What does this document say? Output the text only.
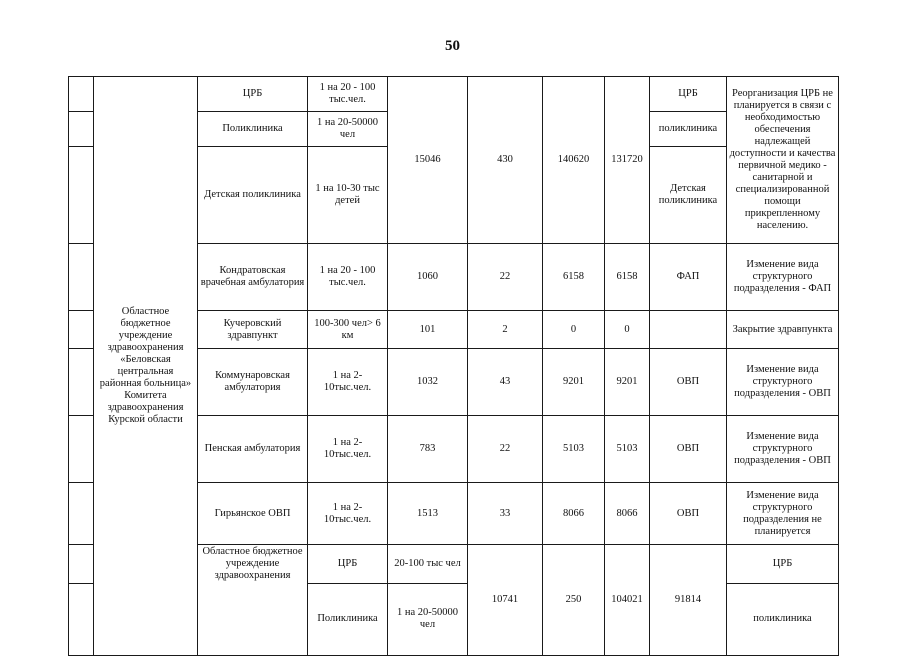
50
	Областное бюджетное учреждение здравоохранения «Беловская центральная районная больница» Комитета здравоохранения Курской области	ЦРБ	1 на 20 - 100 тыс.чел.	15046	430	140620	131720	ЦРБ	Реорганизация ЦРБ не планируется в связи с необходимостью обеспечения надлежащей доступности и качества первичной медико - санитарной и специализированной помощи прикрепленному населению.	
		Поликлиника	1 на 20-50000 чел					поликлиника		
		Детская поликлиника	1 на 10-30 тыс детей					Детская поликлиника		
		Кондратовская врачебная амбулатория	1 на 20 - 100 тыс.чел.	1060	22	6158	6158	ФАП	Изменение вида структурного подразделения - ФАП	
		Кучеровский здравпункт	100-300 чел> 6 км	101	2	0	0		Закрытие здравпункта	
		Коммунаровская амбулатория	1 на 2-10тыс.чел.	1032	43	9201	9201	ОВП	Изменение вида структурного подразделения - ОВП	
		Пенская амбулатория	1 на 2-10тыс.чел.	783	22	5103	5103	ОВП	Изменение вида структурного подразделения - ОВП	
		Гирьянское ОВП	1 на 2-10тыс.чел.	1513	33	8066	8066	ОВП	Изменение вида структурного подразделения не планируется	
		Областное бюджетное учреждение здравоохранения	ЦРБ	20-100 тыс чел	10741	250	104021	91814	ЦРБ	
			Поликлиника	1 на 20-50000 чел					поликлиника	
